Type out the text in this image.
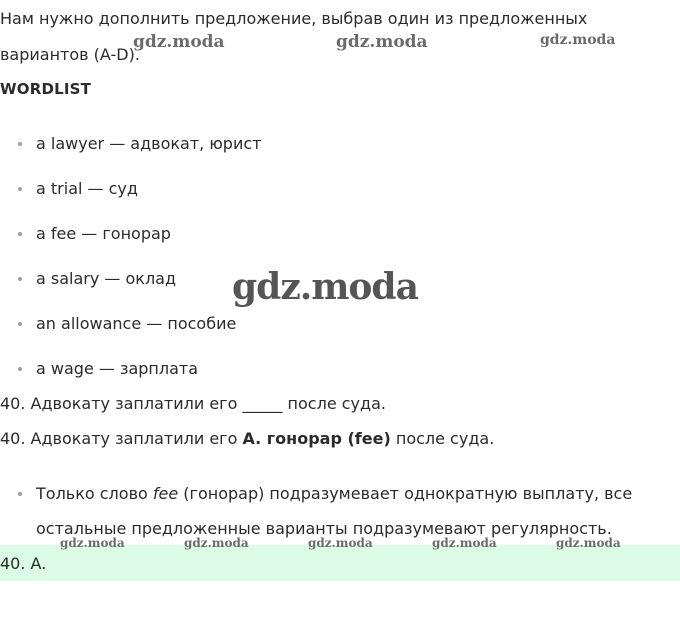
Нам нужно дополнить предложение, выбрав один из предложенных
вариантов (A-D).
WORDLIST
a lawyer — адвокат, юрист
a trial — суд
a fee — гонорар
a salary — оклад
an allowance — пособие
a wage — зарплата
40. Адвокату заплатили его _____ после суда.
40. Адвокату заплатили его A. гонорар (fee) после суда.
Только слово fee (гонорар) подразумевает однократную выплату, все
остальные предложенные варианты подразумевают регулярность.
40. A.
gdz.moda	gdz.moda	gdz.moda
gdz.moda
gdz.moda	gdz.moda	gdz.moda	gdz.moda	gdz.moda
